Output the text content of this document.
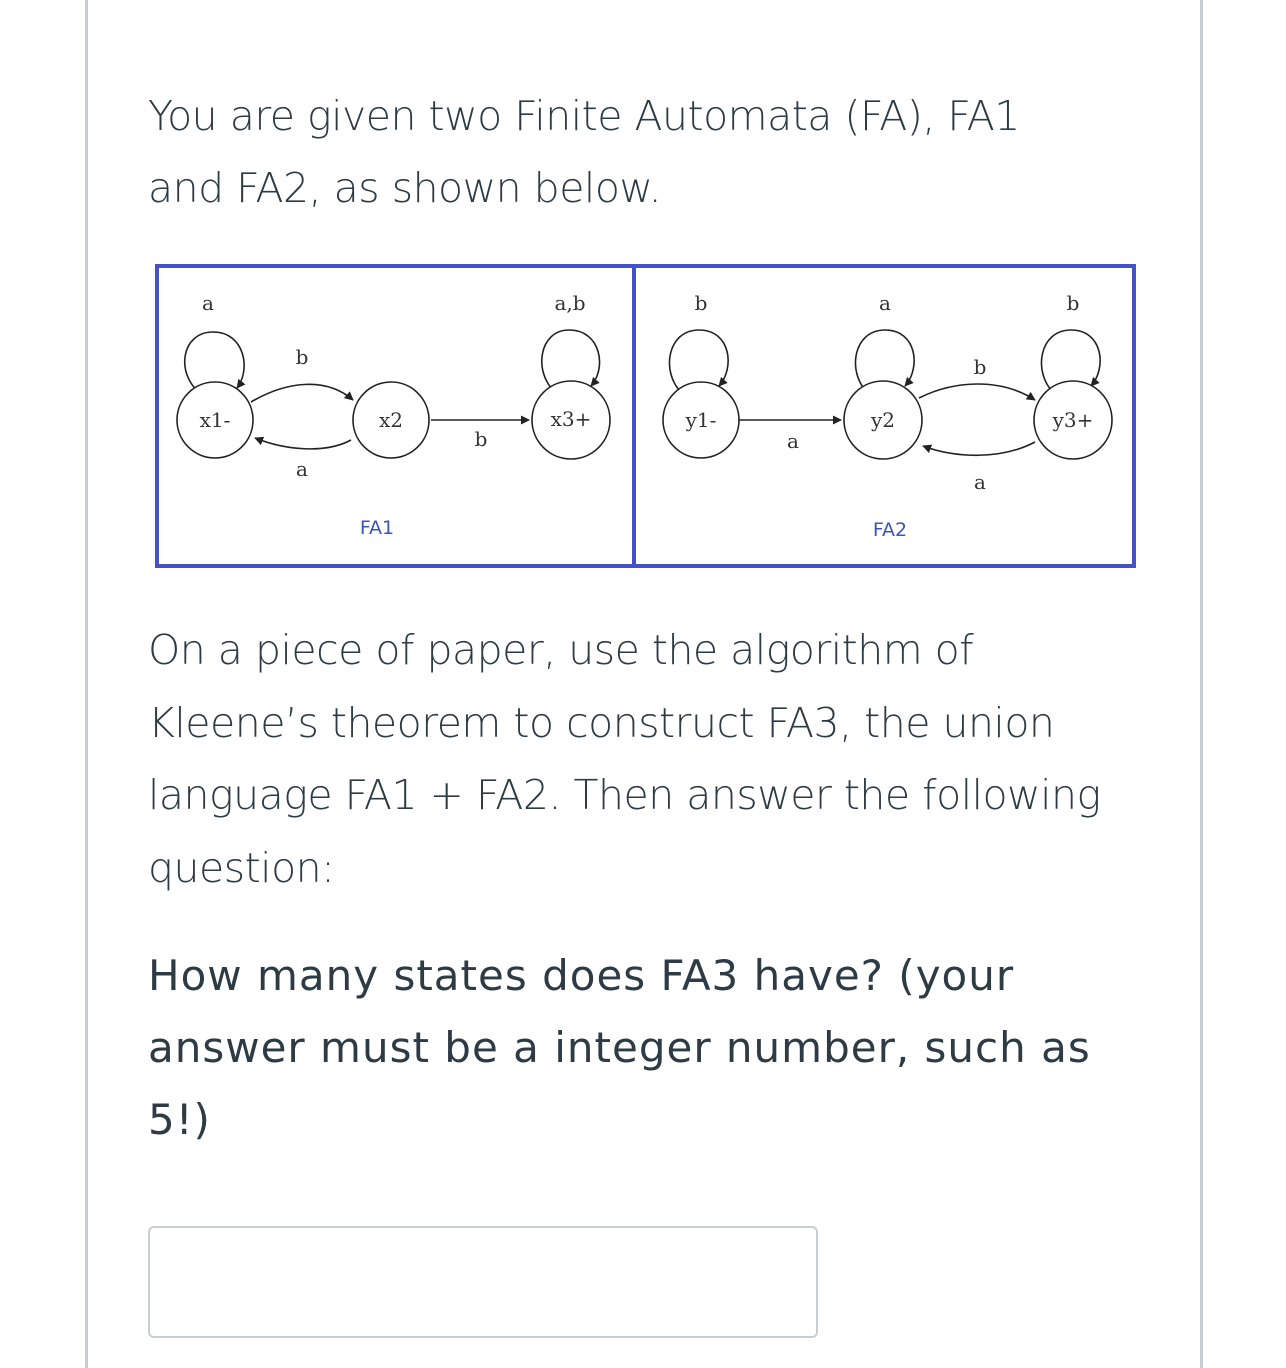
You are given two Finite Automata (FA), FA1
and FA2, as shown below.
a
b
a
b
a,b
x1-	x2	x3+
FA1
b
a
a
b
a
b
y1-	y2	y3+
FA2
On a piece of paper, use the algorithm of
Kleene’s theorem to construct FA3, the union
language FA1 + FA2. Then answer the following
question:
How many states does FA3 have? (your
answer must be a integer number, such as
5!)
